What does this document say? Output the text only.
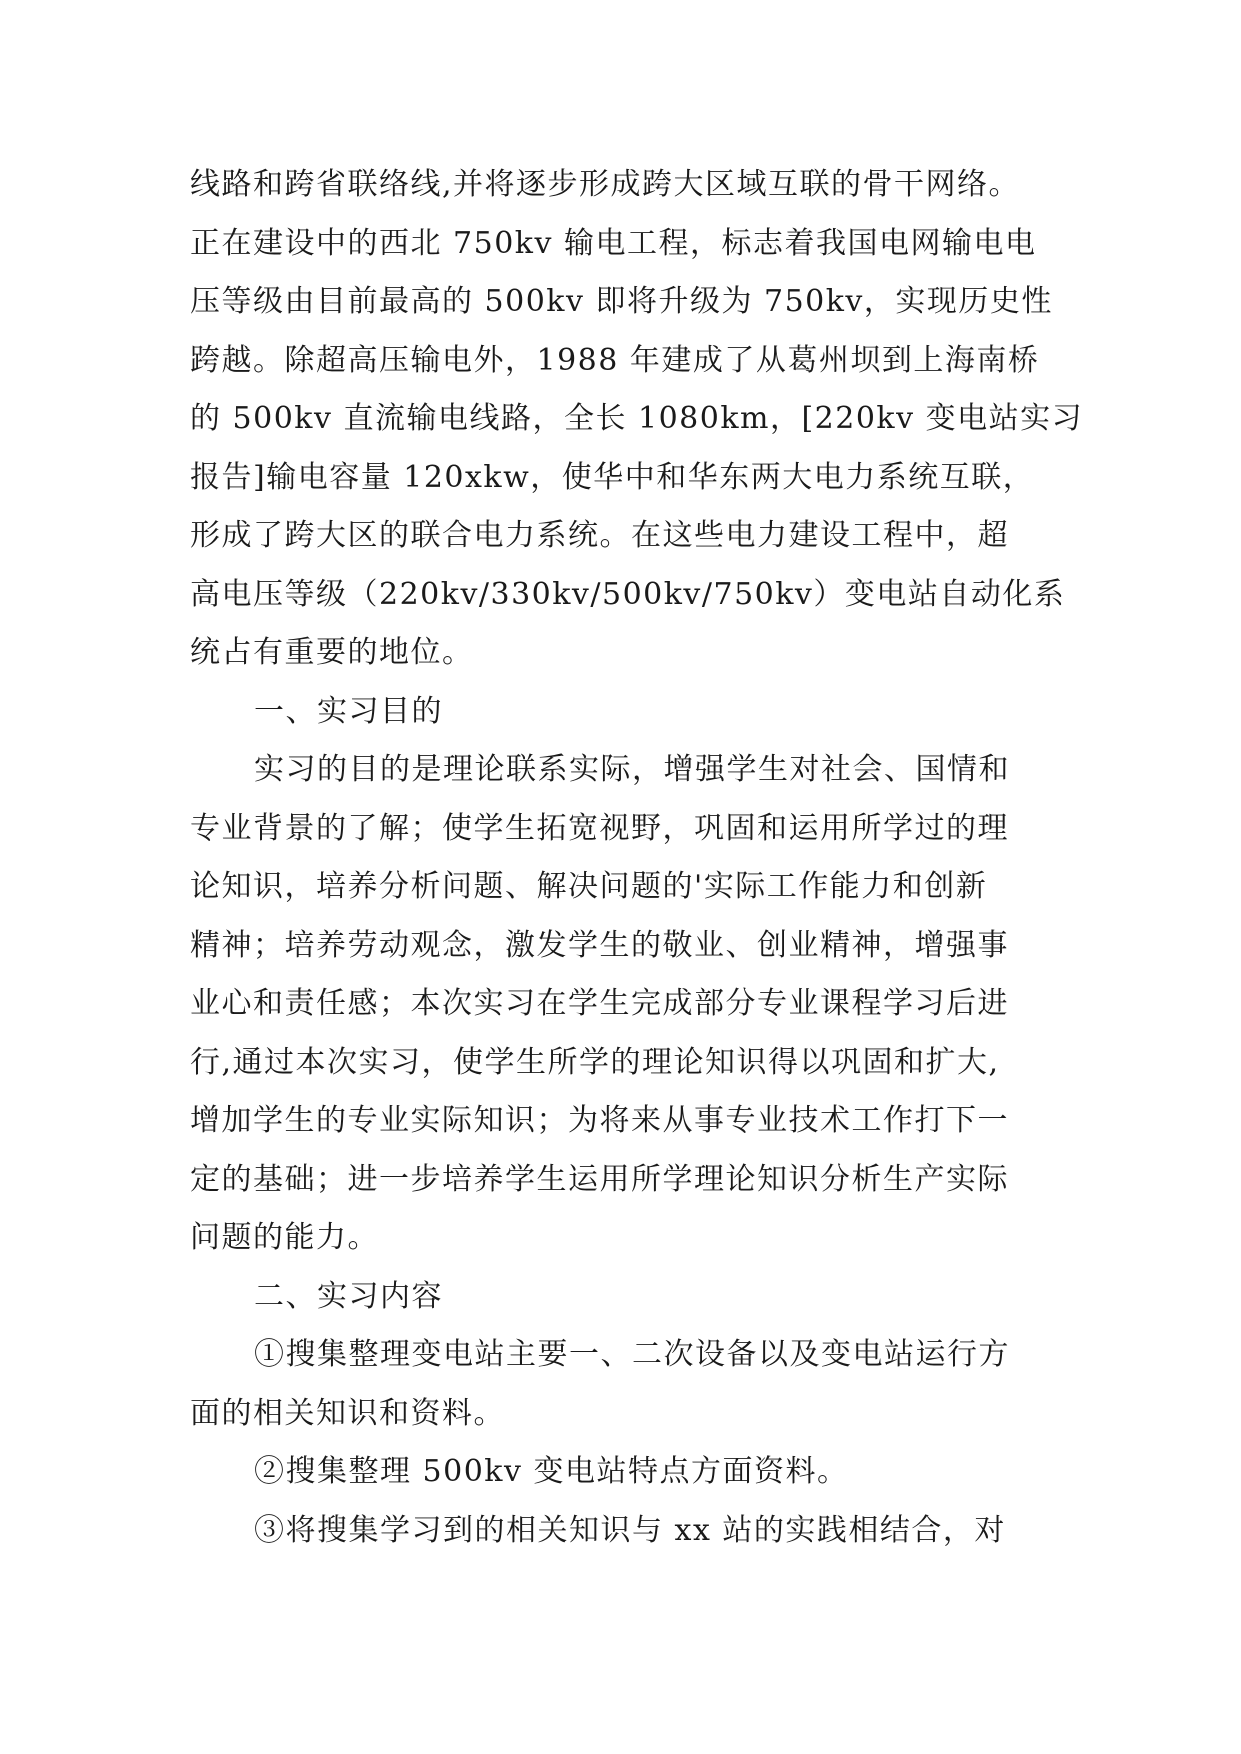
线路和跨省联络线,并将逐步形成跨大区域互联的骨干网络。
正在建设中的西北 750kv 输电工程，标志着我国电网输电电
压等级由目前最高的 500kv 即将升级为 750kv，实现历史性
跨越。除超高压输电外，1988 年建成了从葛州坝到上海南桥
的 500kv 直流输电线路，全长 1080km，[220kv 变电站实习
报告]输电容量 120xkw，使华中和华东两大电力系统互联，
形成了跨大区的联合电力系统。在这些电力建设工程中，超
高电压等级（220kv/330kv/500kv/750kv）变电站自动化系
统占有重要的地位。
一、实习目的
实习的目的是理论联系实际，增强学生对社会、国情和
专业背景的了解；使学生拓宽视野，巩固和运用所学过的理
论知识，培养分析问题、解决问题的'实际工作能力和创新
精神；培养劳动观念，激发学生的敬业、创业精神，增强事
业心和责任感；本次实习在学生完成部分专业课程学习后进
行,通过本次实习，使学生所学的理论知识得以巩固和扩大,
增加学生的专业实际知识；为将来从事专业技术工作打下一
定的基础；进一步培养学生运用所学理论知识分析生产实际
问题的能力。
二、实习内容
①搜集整理变电站主要一、二次设备以及变电站运行方
面的相关知识和资料。
②搜集整理 500kv 变电站特点方面资料。
③将搜集学习到的相关知识与 xx 站的实践相结合，对
